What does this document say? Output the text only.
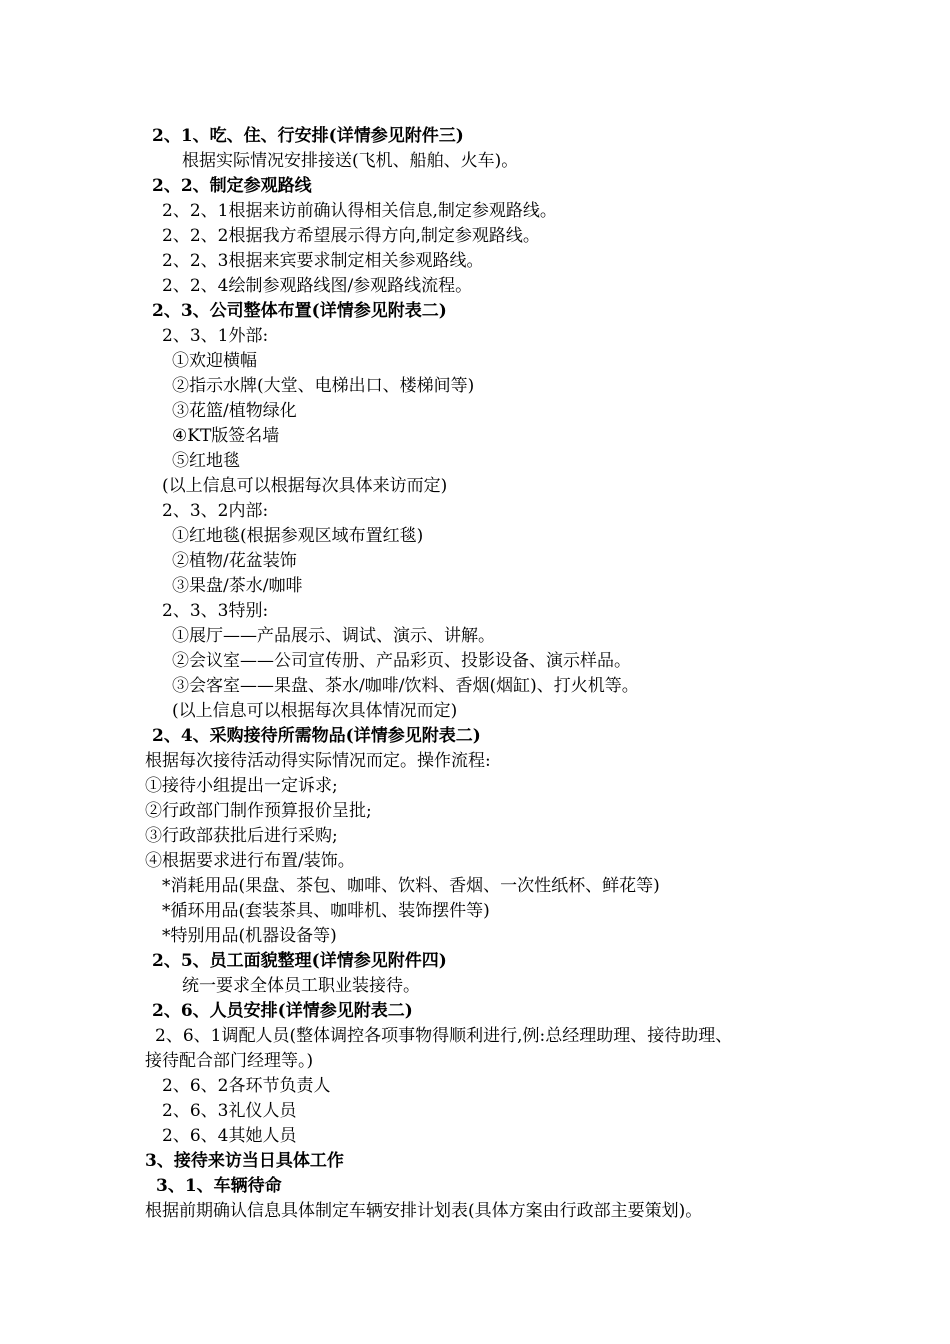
2、1、吃、住、行安排(详情参见附件三)
根据实际情况安排接送(飞机、船舶、火车)。
2、2、制定参观路线
2、2、1根据来访前确认得相关信息,制定参观路线。
2、2、2根据我方希望展示得方向,制定参观路线。
2、2、3根据来宾要求制定相关参观路线。
2、2、4绘制参观路线图/参观路线流程。
2、3、公司整体布置(详情参见附表二)
2、3、1外部:
①欢迎横幅
②指示水牌(大堂、电梯出口、楼梯间等)
③花篮/植物绿化
④KT版签名墙
⑤红地毯
(以上信息可以根据每次具体来访而定)
2、3、2内部:
①红地毯(根据参观区域布置红毯)
②植物/花盆装饰
③果盘/茶水/咖啡
2、3、3特别:
①展厅——产品展示、调试、演示、讲解。
②会议室——公司宣传册、产品彩页、投影设备、演示样品。
③会客室——果盘、茶水/咖啡/饮料、香烟(烟缸)、打火机等。
(以上信息可以根据每次具体情况而定)
2、4、采购接待所需物品(详情参见附表二)
根据每次接待活动得实际情况而定。操作流程:
①接待小组提出一定诉求;
②行政部门制作预算报价呈批;
③行政部获批后进行采购;
④根据要求进行布置/装饰。
*消耗用品(果盘、茶包、咖啡、饮料、香烟、一次性纸杯、鲜花等)
*循环用品(套装茶具、咖啡机、装饰摆件等)
*特别用品(机器设备等)
2、5、员工面貌整理(详情参见附件四)
统一要求全体员工职业装接待。
2、6、人员安排(详情参见附表二)
2、6、1调配人员(整体调控各项事物得顺利进行,例:总经理助理、接待助理、
接待配合部门经理等。)
2、6、2各环节负责人
2、6、3礼仪人员
2、6、4其她人员
3、接待来访当日具体工作
3、1、车辆待命
根据前期确认信息具体制定车辆安排计划表(具体方案由行政部主要策划)。
